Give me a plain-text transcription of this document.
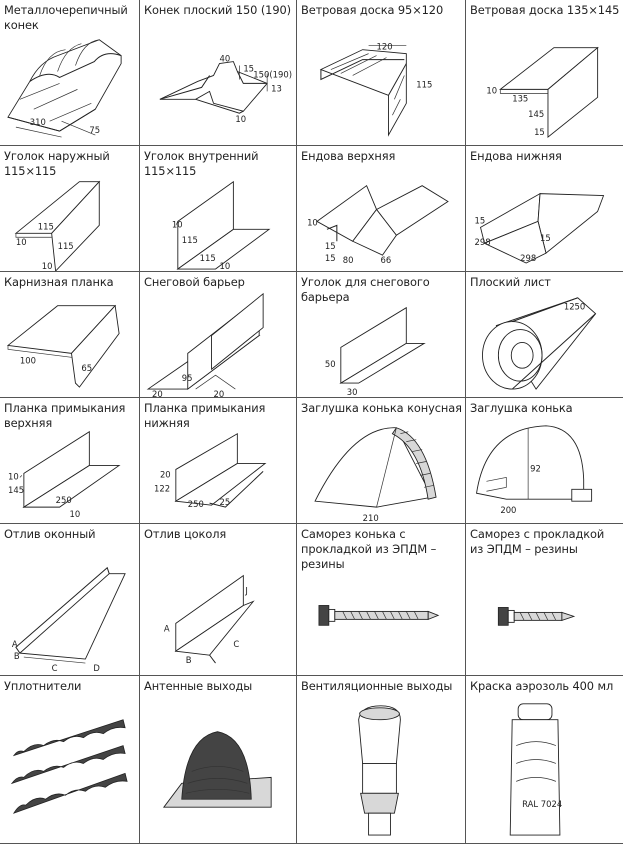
Металлочерепичный конек
310
75
Конек плоский 150 (190)
40
15
150(190)
13
10
Ветровая доска 95×120
120
115
Ветровая доска 135×145
10
135
145
15
Уголок наружный 115×115
115
10	115
10
Уголок внутренний 115×115
10
115
115
10
Ендова верхняя
10
15
15 80	66
Ендова нижняя
15
298	15
298
Карнизная планка
100
65
Снеговой барьер
95
20	20
Уголок для снегового барьера
50
30
Плоский лист
1250
Планка примыкания верхняя
10
145
250
10
Планка примыкания нижняя
20
122
250 25
Заглушка конька конусная
210
Заглушка конька
92
200
Отлив оконный
A
B
C	D
Отлив цоколя
A
B
C
J
Саморез конька с прокладкой из ЭПДМ – резины
Саморез с прокладкой из ЭПДМ – резины
Уплотнители	Антенные выходы	Вентиляционные выходы	Краска аэрозоль 400 мл
RAL 7024
